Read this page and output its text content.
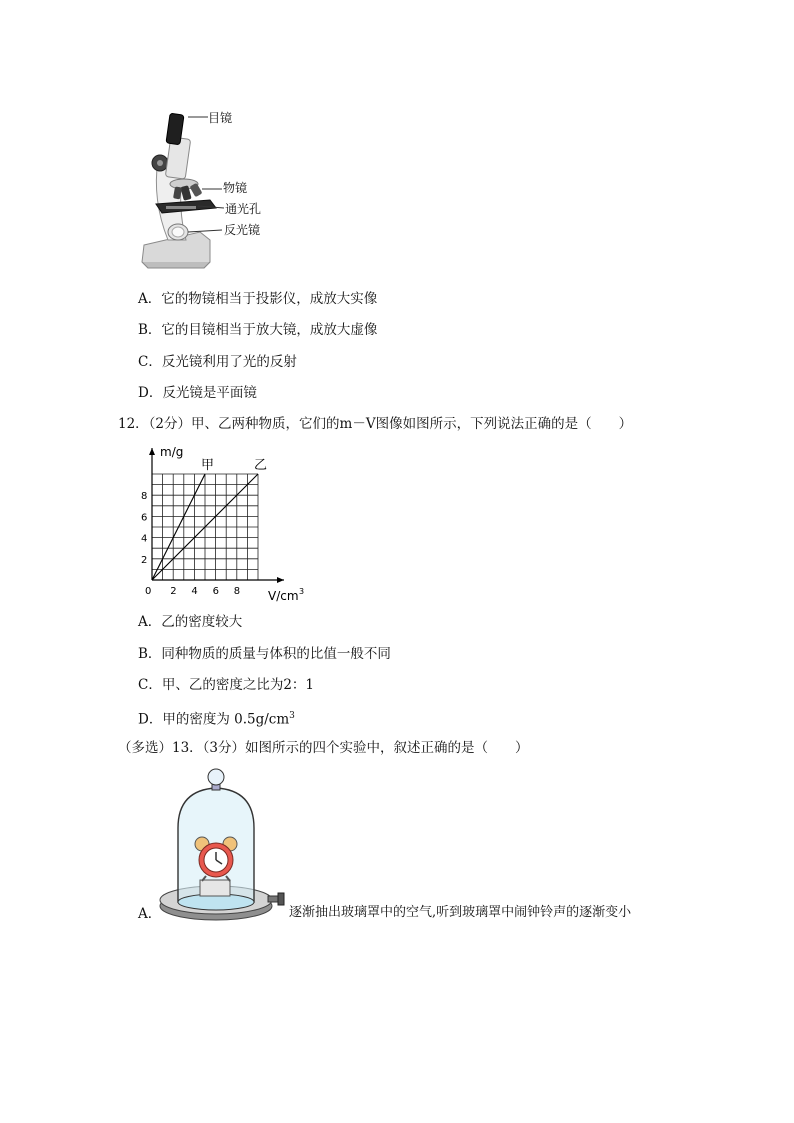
目镜
物镜
通光孔
反光镜
A．它的物镜相当于投影仪，成放大实像
B．它的目镜相当于放大镜，成放大虚像
C．反光镜利用了光的反射
D．反光镜是平面镜
12．（2分）甲、乙两种物质，它们的m－V图像如图所示，下列说法正确的是（　　）
甲	乙
0 2 4 6 8
2
4
6
8
m/g
V/cm 3
A．乙的密度较大
B．同种物质的质量与体积的比值一般不同
C．甲、乙的密度之比为2：1
D．甲的密度为 $0.5g/cm^3$
（多选）13．（3分）如图所示的四个实验中，叙述正确的是（　　）
A．	逐渐抽出玻璃罩中的空气,听到玻璃罩中闹钟铃声的逐渐变小
